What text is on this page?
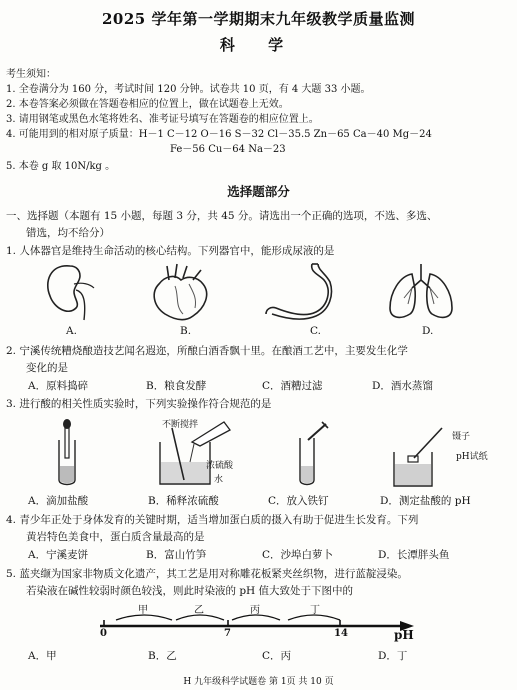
2025 学年第一学期期末九年级教学质量监测
科 学
考生须知：
1. 全卷满分为 160 分，考试时间 120 分钟。试卷共 10 页，有 4 大题 33 小题。
2. 本卷答案必须做在答题卷相应的位置上，做在试题卷上无效。
3. 请用钢笔或黑色水笔将姓名、准考证号填写在答题卷的相应位置上。
4. 可能用到的相对原子质量：H－1 C－12 O－16 S－32 Cl－35.5 Zn－65 Ca－40 Mg－24
Fe－56 Cu－64 Na－23
5. 本卷 g 取 10N/kg 。
选择题部分
一、选择题（本题有 15 小题，每题 3 分，共 45 分。请选出一个正确的选项，不选、多选、
错选，均不给分）
1. 人体器官是维持生命活动的核心结构。下列器官中，能形成尿液的是
A.	B.	C.	D.
2. 宁溪传统糟烧酿造技艺闻名遐迩，所酿白酒香飘十里。在酿酒工艺中，主要发生化学
变化的是
A．原料捣碎	B．粮食发酵	C．酒糟过滤	D．酒水蒸馏
3. 进行酸的相关性质实验时，下列实验操作符合规范的是
不断搅拌
浓硫酸
水
镊子
pH试纸
A．滴加盐酸	B．稀释浓硫酸	C．放入铁钉	D．测定盐酸的 pH
4. 青少年正处于身体发育的关键时期，适当增加蛋白质的摄入有助于促进生长发育。下列
黄岩特色美食中，蛋白质含量最高的是
A．宁溪麦饼	B．富山竹笋	C．沙埠白萝卜	D．长潭胖头鱼
5. 蓝夹缬为国家非物质文化遗产，其工艺是用对称雕花板紧夹丝织物，进行蓝靛浸染。
若染液在碱性较弱时颜色较浅，则此时染液的 pH 值大致处于下图中的
甲	乙	丙	丁
0	7	14	pH
A．甲	B．乙	C．丙	D．丁
H 九年级科学试题卷 第 1页 共 10 页
